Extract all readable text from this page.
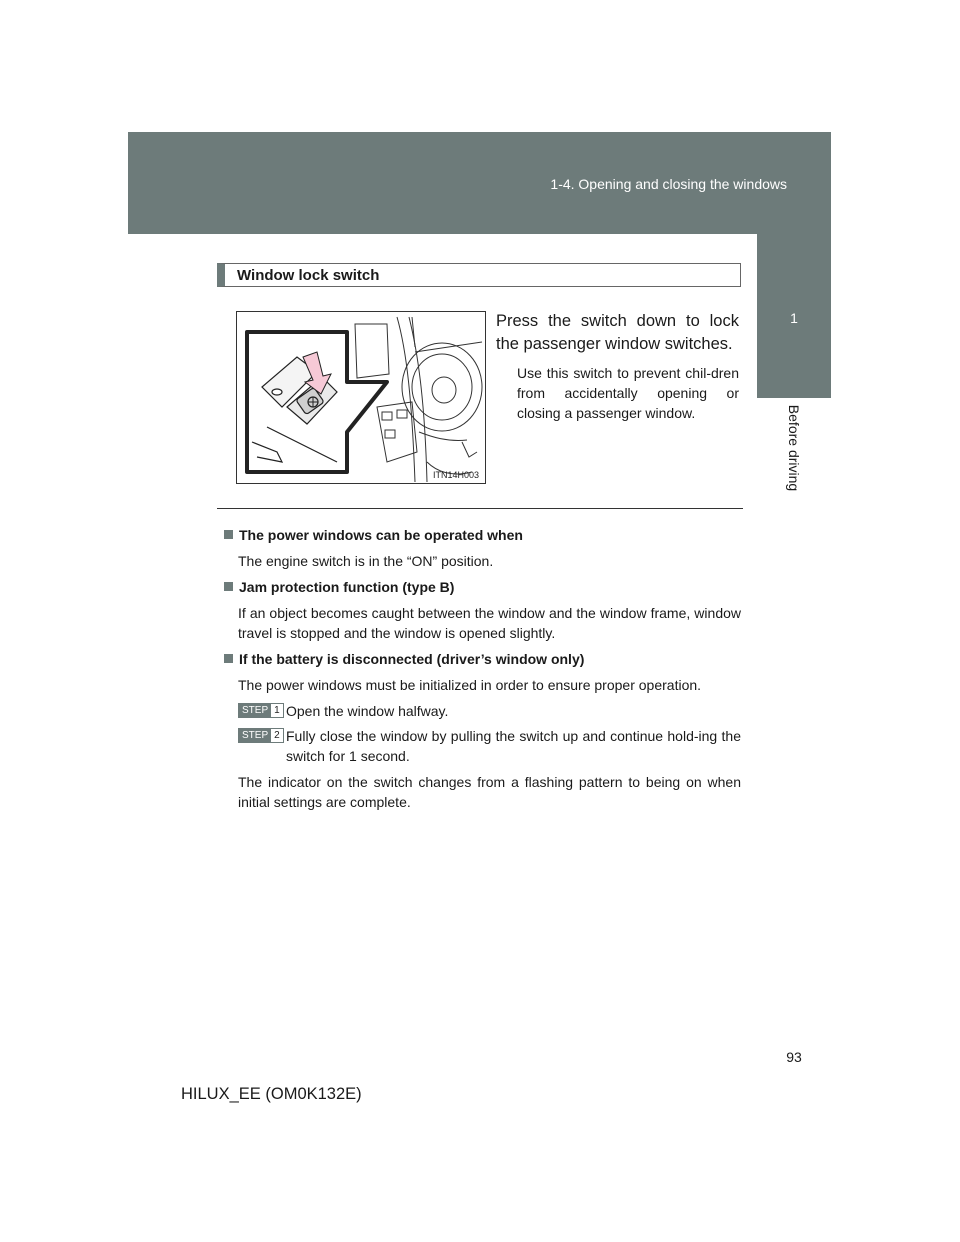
1-4. Opening and closing the windows
1
Before driving
Window lock switch
ITN14H003
Press the switch down to lock the passenger window switches.
Use this switch to prevent chil-dren from accidentally opening or closing a passenger window.
The power windows can be operated when
The engine switch is in the “ON” position.
Jam protection function (type B)
If an object becomes caught between the window and the window frame, window travel is stopped and the window is opened slightly.
If the battery is disconnected (driver’s window only)
The power windows must be initialized in order to ensure proper operation.
STEP 1 Open the window halfway.
STEP 2 Fully close the window by pulling the switch up and continue hold-ing the switch for 1 second.
The indicator on the switch changes from a flashing pattern to being on when initial settings are complete.
93
HILUX_EE (OM0K132E)
